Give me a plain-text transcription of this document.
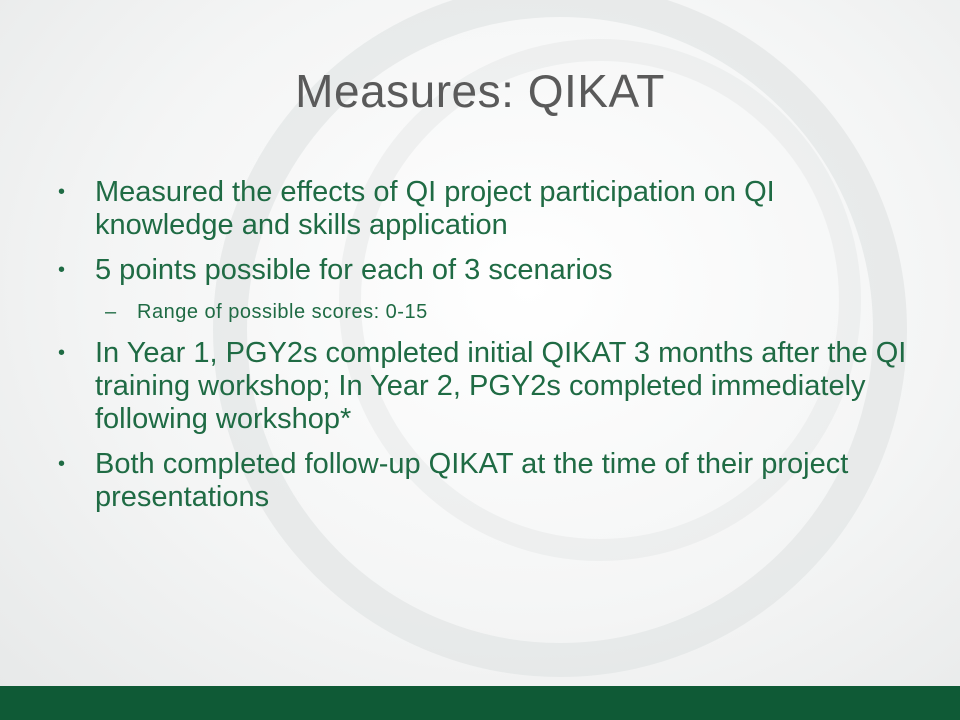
Measures: QIKAT
• Measured the effects of QI project participation on QI knowledge and skills application
• 5 points possible for each of 3 scenarios
– Range of possible scores: 0-15
• In Year 1, PGY2s completed initial QIKAT 3 months after the QI training workshop; In Year 2, PGY2s completed immediately following workshop*
• Both completed follow-up QIKAT at the time of their project presentations
